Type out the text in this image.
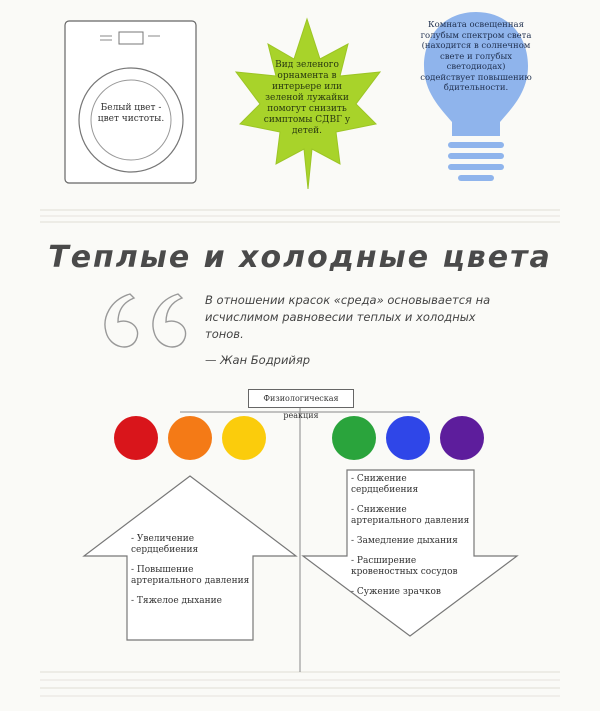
Белый цвет - цвет чистоты.
Вид зеленого орнамента в интерьере или зеленой лужайки помогут снизить симптомы СДВГ у детей.
Комната освещенная голубым спектром света (находится в солнечном свете и голубых светодиодах) содействует повышению бдительности.
Теплые и холодные цвета
В отношении красок «среда» основывается на исчислимом равновесии теплых и холодных тонов.
— Жан Бодрийяр
Физиологическая реакция
- Увеличение сердцебиения
- Повышение артериального давления
- Тяжелое дыхание
- Снижение сердцебиения
- Снижение артериального давления
- Замедление дыхания
- Расширение кровеностных сосудов
- Сужение зрачков
